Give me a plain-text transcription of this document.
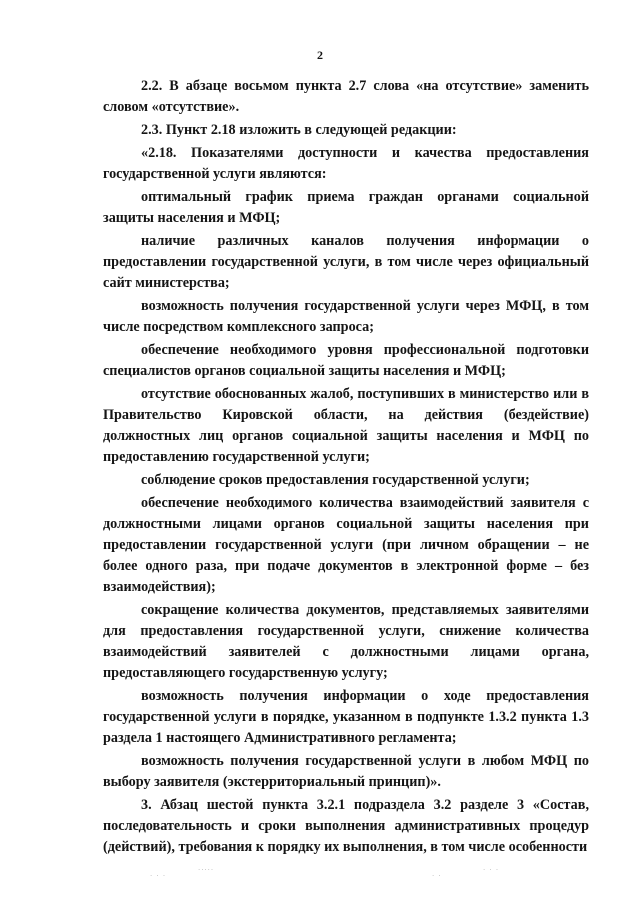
2

2.2. В абзаце восьмом пункта 2.7 слова «на отсутствие» заменить словом «отсутствие».

2.3. Пункт 2.18 изложить в следующей редакции:

«2.18. Показателями доступности и качества предоставления государственной услуги являются:

оптимальный график приема граждан органами социальной защиты населения и МФЦ;

наличие различных каналов получения информации о предоставлении государственной услуги, в том числе через официальный сайт министерства;

возможность получения государственной услуги через МФЦ, в том числе посредством комплексного запроса;

обеспечение необходимого уровня профессиональной подготовки специалистов органов социальной защиты населения и МФЦ;

отсутствие обоснованных жалоб, поступивших в министерство или в Правительство Кировской области, на действия (бездействие) должностных лиц органов социальной защиты населения и МФЦ по предоставлению государственной услуги;

соблюдение сроков предоставления государственной услуги;

обеспечение необходимого количества взаимодействий заявителя с должностными лицами органов социальной защиты населения при предоставлении государственной услуги (при личном обращении – не более одного раза, при подаче документов в электронной форме – без взаимодействия);

сокращение количества документов, представляемых заявителями для предоставления государственной услуги, снижение количества взаимодействий заявителей с должностными лицами органа, предоставляющего государственную услугу;

возможность получения информации о ходе предоставления государственной услуги в порядке, указанном в подпункте 1.3.2 пункта 1.3 раздела 1 настоящего Административного регламента;

возможность получения государственной услуги в любом МФЦ по выбору заявителя (экстерриториальный принцип)».

3. Абзац шестой пункта 3.2.1 подраздела 3.2 разделе 3 «Состав, последовательность и сроки выполнения административных процедур (действий), требования к порядку их выполнения, в том числе особенности

· · ·
.....
· ·
· · ·
